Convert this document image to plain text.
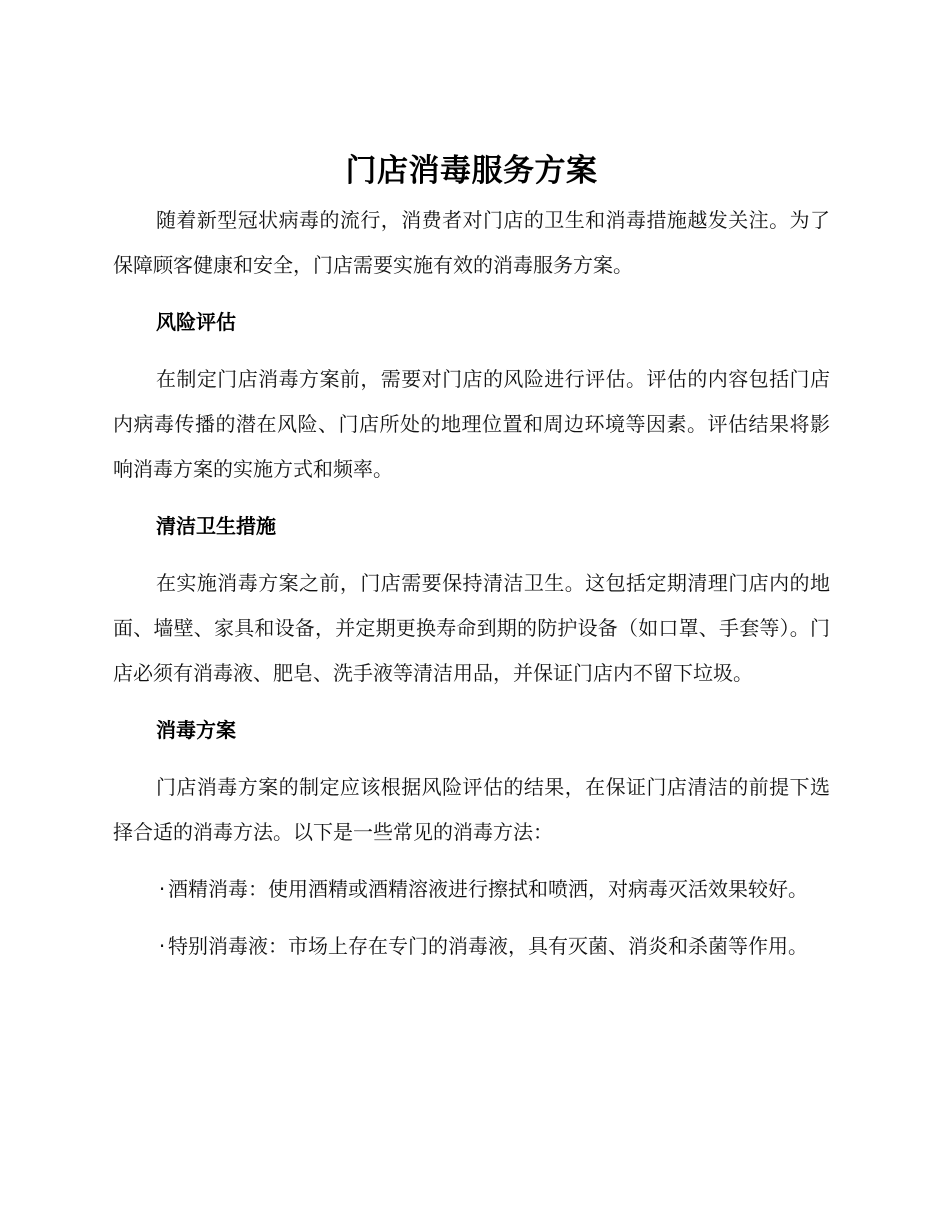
门店消毒服务方案

随着新型冠状病毒的流行，消费者对门店的卫生和消毒措施越发关注。为了保障顾客健康和安全，门店需要实施有效的消毒服务方案。

风险评估

在制定门店消毒方案前，需要对门店的风险进行评估。评估的内容包括门店内病毒传播的潜在风险、门店所处的地理位置和周边环境等因素。评估结果将影响消毒方案的实施方式和频率。

清洁卫生措施

在实施消毒方案之前，门店需要保持清洁卫生。这包括定期清理门店内的地面、墙壁、家具和设备，并定期更换寿命到期的防护设备（如口罩、手套等）。门店必须有消毒液、肥皂、洗手液等清洁用品，并保证门店内不留下垃圾。

消毒方案

门店消毒方案的制定应该根据风险评估的结果，在保证门店清洁的前提下选择合适的消毒方法。以下是一些常见的消毒方法：

· 酒精消毒：使用酒精或酒精溶液进行擦拭和喷洒，对病毒灭活效果较好。

· 特别消毒液：市场上存在专门的消毒液，具有灭菌、消炎和杀菌等作用。
